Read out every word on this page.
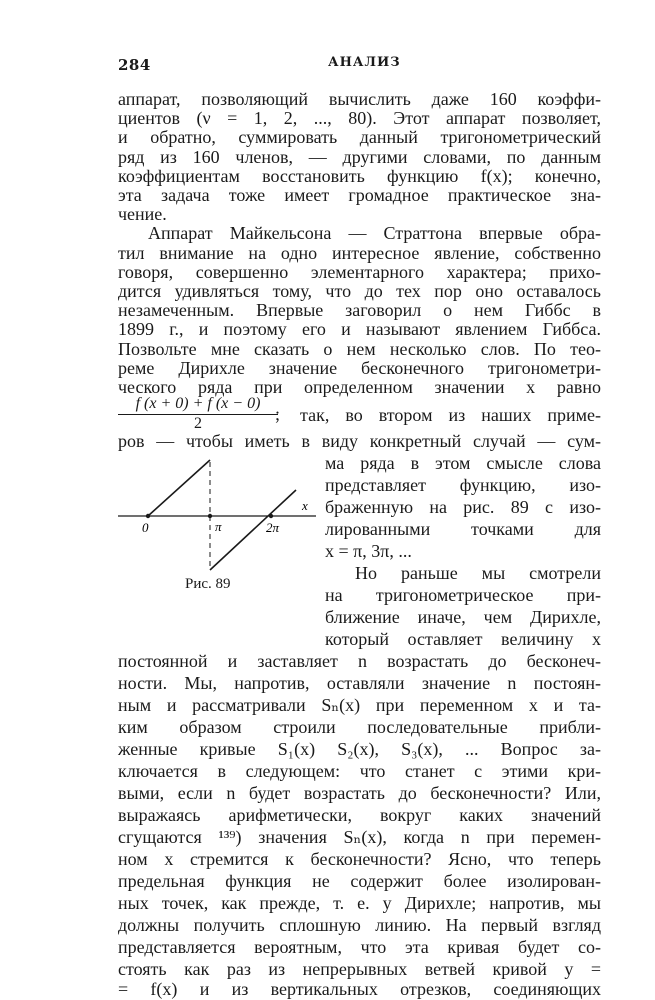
284	АНАЛИЗ
аппарат, позволяющий вычислить даже 160 коэффи-
циентов (ν = 1, 2, ..., 80). Этот аппарат позволяет,
и обратно, суммировать данный тригонометрический
ряд из 160 членов, — другими словами, по данным
коэффициентам восстановить функцию f(x); конечно,
эта задача тоже имеет громадное практическое зна-
чение.
Аппарат Майкельсона — Страттона впервые обра-
тил внимание на одно интересное явление, собственно
говоря, совершенно элементарного характера; прихо-
дится удивляться тому, что до тех пор оно оставалось
незамеченным. Впервые заговорил о нем Гиббс в
1899 г., и поэтому его и называют явлением Гиббса.
Позвольте мне сказать о нем несколько слов. По тео-
реме Дирихле значение бесконечного тригонометри-
$\frac{f (x + 0) + f (x - 0)}{2}$
; так, во втором из наших приме-
ров — чтобы иметь в виду конкретный случай — сум-
ма ряда в этом смысле слова
представляет функцию, изо-
браженную на рис. 89 с изо-
лированными точками для
x = π, 3π, ...
Но раньше мы смотрели
на тригонометрическое при-
ближение иначе, чем Дирихле,
который оставляет величину x
0	π	2π
x
Рис. 89
постоянной и заставляет n возрастать до бесконеч-
ности. Мы, напротив, оставляли значение n постоян-
ным и рассматривали Sₙ(x) при переменном x и та-
ким образом строили последовательные прибли-
женные кривые S₁(x) S₂(x), S₃(x), ... Вопрос за-
ключается в следующем: что станет с этими кри-
выми, если n будет возрастать до бесконечности? Или,
выражаясь арифметически, вокруг каких значений
сгущаются ¹³⁹) значения Sₙ(x), когда n при перемен-
ном x стремится к бесконечности? Ясно, что теперь
предельная функция не содержит более изолирован-
ных точек, как прежде, т. е. у Дирихле; напротив, мы
должны получить сплошную линию. На первый взгляд
представляется вероятным, что эта кривая будет со-
стоять как раз из непрерывных ветвей кривой y =
= f(x) и из вертикальных отрезков, соединяющих
ческого ряда при определенном значении x равно
